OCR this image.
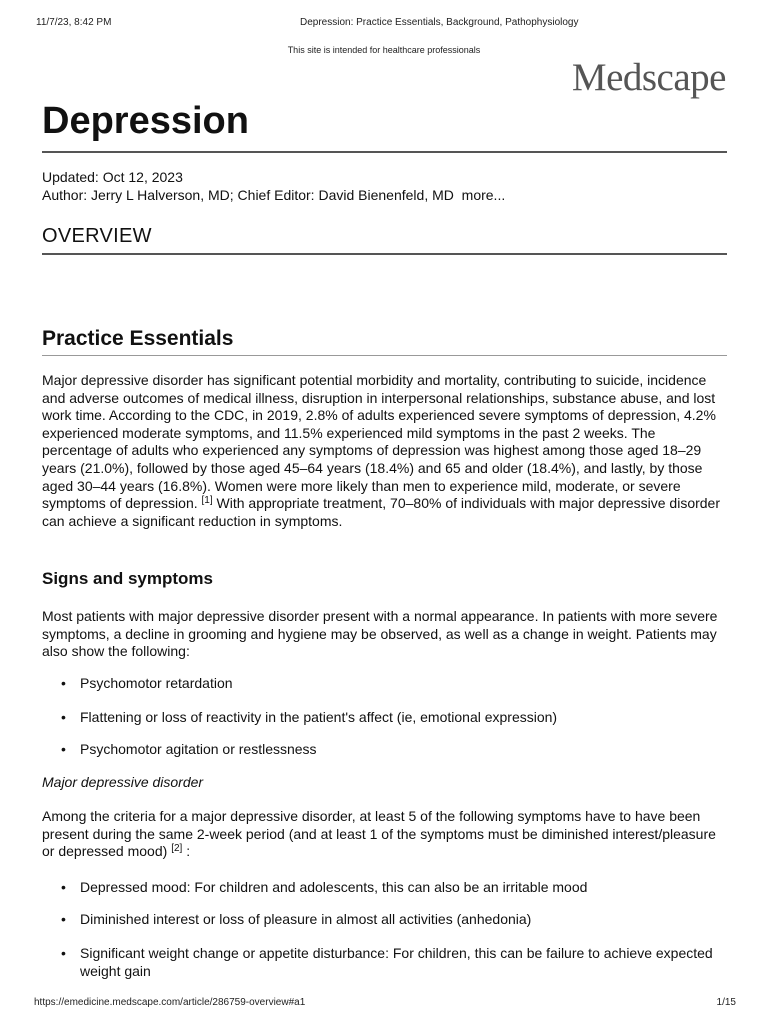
11/7/23, 8:42 PM	Depression: Practice Essentials, Background, Pathophysiology
This site is intended for healthcare professionals
Medscape
Depression
Updated: Oct 12, 2023
Author: Jerry L Halverson, MD; Chief Editor: David Bienenfeld, MD more...
OVERVIEW
Practice Essentials

Major depressive disorder has significant potential morbidity and mortality, contributing to suicide, incidence and adverse outcomes of medical illness, disruption in interpersonal relationships, substance abuse, and lost work time. According to the CDC, in 2019, 2.8% of adults experienced severe symptoms of depression, 4.2% experienced moderate symptoms, and 11.5% experienced mild symptoms in the past 2 weeks. The percentage of adults who experienced any symptoms of depression was highest among those aged 18–29 years (21.0%), followed by those aged 45–64 years (18.4%) and 65 and older (18.4%), and lastly, by those aged 30–44 years (16.8%). Women were more likely than men to experience mild, moderate, or severe symptoms of depression. [1] With appropriate treatment, 70–80% of individuals with major depressive disorder can achieve a significant reduction in symptoms.

Signs and symptoms

Most patients with major depressive disorder present with a normal appearance. In patients with more severe symptoms, a decline in grooming and hygiene may be observed, as well as a change in weight. Patients may also show the following:

• Psychomotor retardation
• Flattening or loss of reactivity in the patient's affect (ie, emotional expression)
• Psychomotor agitation or restlessness
Major depressive disorder

Among the criteria for a major depressive disorder, at least 5 of the following symptoms have to have been present during the same 2-week period (and at least 1 of the symptoms must be diminished interest/pleasure or depressed mood) [2] :

• Depressed mood: For children and adolescents, this can also be an irritable mood
• Diminished interest or loss of pleasure in almost all activities (anhedonia)
• Significant weight change or appetite disturbance: For children, this can be failure to achieve expected weight gain
https://emedicine.medscape.com/article/286759-overview#a1	1/15
